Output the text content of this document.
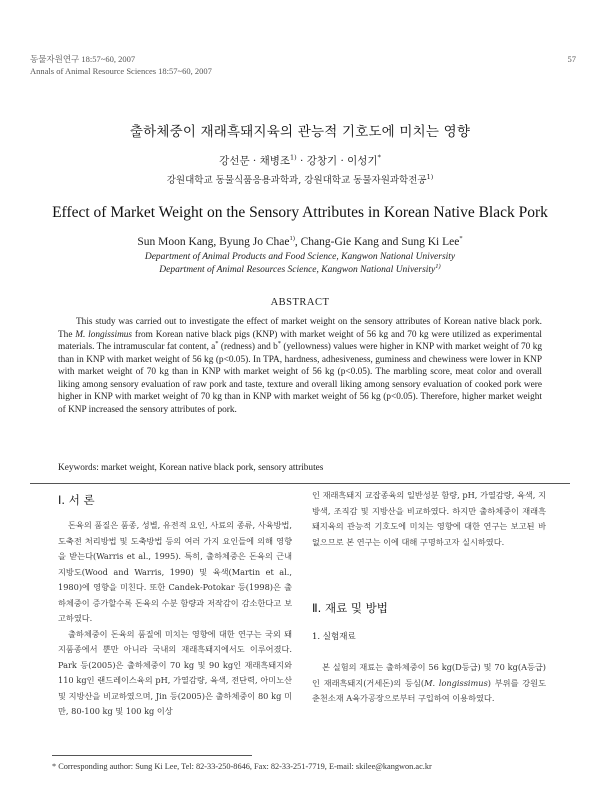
동물자원연구 18:57~60, 2007
Annals of Animal Resource Sciences 18:57~60, 2007
57
출하체중이 재래흑돼지육의 관능적 기호도에 미치는 영향
강선문 · 채병조$^{1)}$ · 강창기 · 이성기*
강원대학교 동물식품응용과학과, 강원대학교 동물자원과학전공$^{1)}$
Effect of Market Weight on the Sensory Attributes in Korean Native Black Pork
Sun Moon Kang, Byung Jo Chae$^{1)}$, Chang-Gie Kang and Sung Ki Lee*
Department of Animal Products and Food Science, Kangwon National University
Department of Animal Resources Science, Kangwon National University$^{1)}$
ABSTRACT
This study was carried out to investigate the effect of market weight on the sensory attributes of Korean native black pork. The M. longissimus from Korean native black pigs (KNP) with market weight of 56 kg and 70 kg were utilized as experimental materials. The intramuscular fat content, a* (redness) and b* (yellowness) values were higher in KNP with market weight of 70 kg than in KNP with market weight of 56 kg (p<0.05). In TPA, hardness, adhesiveness, guminess and chewiness were lower in KNP with market weight of 70 kg than in KNP with market weight of 56 kg (p<0.05). The marbling score, meat color and overall liking among sensory evaluation of raw pork and taste, texture and overall liking among sensory evaluation of cooked pork were higher in KNP with market weight of 70 kg than in KNP with market weight of 56 kg (p<0.05). Therefore, higher market weight of KNP increased the sensory attributes of pork.
Keywords: market weight, Korean native black pork, sensory attributes
Ⅰ. 서 론

돈육의 품질은 품종, 성별, 유전적 요인, 사료의 종류, 사육방법, 도축전 처리방법 및 도축방법 등의 여러 가지 요인들에 의해 영향을 받는다(Warris et al., 1995). 특히, 출하체중은 돈육의 근내지방도(Wood and Warris, 1990) 및 육색(Martin et al., 1980)에 영향을 미친다. 또한 Candek-Potokar 등(1998)은 출하체중이 증가할수록 돈육의 수분 함량과 저작감이 감소한다고 보고하였다.

출하체중이 돈육의 품질에 미치는 영향에 대한 연구는 국외 돼지품종에서 뿐만 아니라 국내의 재래흑돼지에서도 이루어졌다. Park 등(2005)은 출하체중이 70 kg 및 90 kg인 재래흑돼지와 110 kg인 랜드레이스육의 pH, 가열감량, 육색, 전단력, 아미노산 및 지방산을 비교하였으며, Jin 등(2005)은 출하체중이 80 kg 미만, 80-100 kg 및 100 kg 이상

인 재래흑돼지 교잡종육의 일반성분 함량, pH, 가열감량, 육색, 지방색, 조직감 및 지방산을 비교하였다. 하지만 출하체중이 재래흑돼지육의 관능적 기호도에 미치는 영향에 대한 연구는 보고된 바 없으므로 본 연구는 이에 대해 구명하고자 실시하였다.

Ⅱ. 재료 및 방법
1. 실험재료

본 실험의 재료는 출하체중이 56 kg(D등급) 및 70 kg(A등급)인 재래흑돼지(거세돈)의 등심(M. longissimus) 부위를 강원도 춘천소재 A육가공장으로부터 구입하여 이용하였다.

* Corresponding author: Sung Ki Lee, Tel: 82-33-250-8646, Fax: 82-33-251-7719, E-mail: skilee@kangwon.ac.kr
